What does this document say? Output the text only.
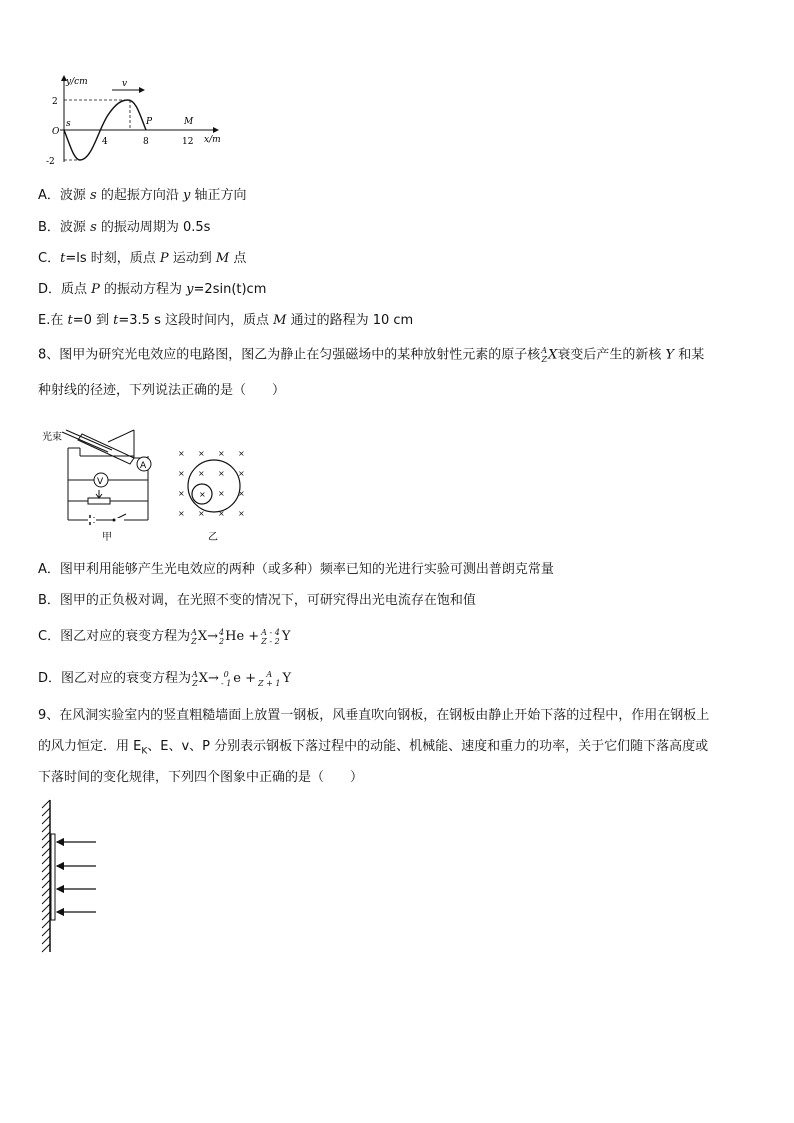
v
y/cm
x/m
2
-2
O
s	P	M
4	8	12
A．波源 s 的起振方向沿 y 轴正方向
B．波源 s 的振动周期为 0.5s
C．t=ls 时刻，质点 P 运动到 M 点
D．质点 P 的振动方程为 y=2sin(t)cm
E.在 t=0 到 t=3.5 s 这段时间内，质点 M 通过的路程为 10 cm
8、图甲为研究光电效应的电路图，图乙为静止在匀强磁场中的某种放射性元素的原子核 A
Z X衰变后产生的新核 Y 和某
种射线的径迹，下列说法正确的是（　　）
光束
A
V
甲
× × × ×
× × × ×
×	× ×
× × × ×
×
乙
A．图甲利用能够产生光电效应的两种（或多种）频率已知的光进行实验可测出普朗克常量
B．图甲的正负极对调，在光照不变的情况下，可研究得出光电流存在饱和值
C．图乙对应的衰变方程为 A
Z X→ 4
2 He + A - 4
Z - 2 Y
D．图乙对应的衰变方程为 A
Z X→ 0
- 1 e +	A
Z + 1 Y
9、在风洞实验室内的竖直粗糙墙面上放置一钢板，风垂直吹向钢板，在钢板由静止开始下落的过程中，作用在钢板上
的风力恒定．用 $E_K$、E、v、P 分别表示钢板下落过程中的动能、机械能、速度和重力的功率，关于它们随下落高度或
下落时间的变化规律，下列四个图象中正确的是（　　）
